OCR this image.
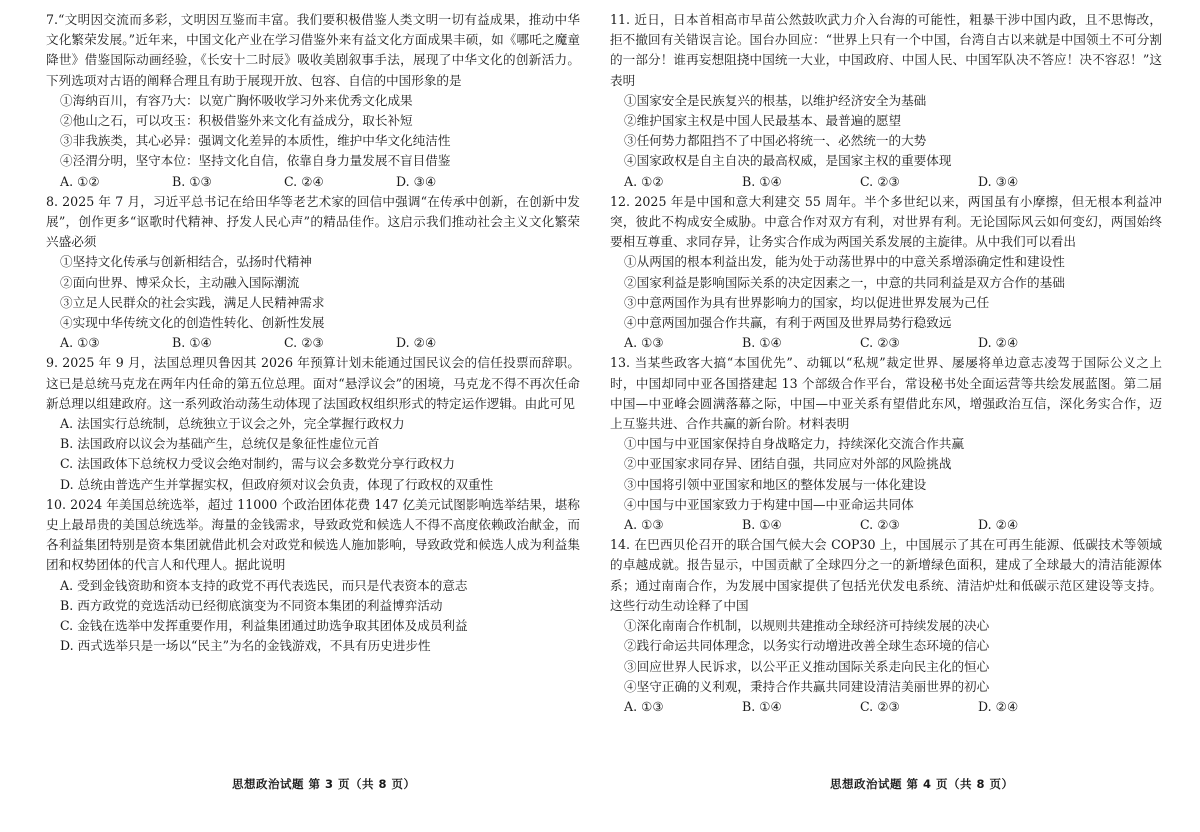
7.“文明因交流而多彩，文明因互鉴而丰富。我们要积极借鉴人类文明一切有益成果，推动中华文化繁荣发展。”近年来，中国文化产业在学习借鉴外来有益文化方面成果丰硕，如《哪吒之魔童降世》借鉴国际动画经验，《长安十二时辰》吸收美剧叙事手法，展现了中华文化的创新活力。下列选项对古语的阐释合理且有助于展现开放、包容、自信的中国形象的是

①海纳百川，有容乃大：以宽广胸怀吸收学习外来优秀文化成果

②他山之石，可以攻玉：积极借鉴外来文化有益成分，取长补短

③非我族类，其心必异：强调文化差异的本质性，维护中华文化纯洁性

④泾渭分明，坚守本位：坚持文化自信，依靠自身力量发展不盲目借鉴

A. ①②	B. ①③	C. ②④	D. ③④

8. 2025 年 7 月，习近平总书记在给田华等老艺术家的回信中强调“在传承中创新，在创新中发展”，创作更多“讴歌时代精神、抒发人民心声”的精品佳作。这启示我们推动社会主义文化繁荣兴盛必须

①坚持文化传承与创新相结合，弘扬时代精神

②面向世界、博采众长，主动融入国际潮流

③立足人民群众的社会实践，满足人民精神需求

④实现中华传统文化的创造性转化、创新性发展

A. ①③	B. ①④	C. ②③	D. ②④

9. 2025 年 9 月，法国总理贝鲁因其 2026 年预算计划未能通过国民议会的信任投票而辞职。这已是总统马克龙在两年内任命的第五位总理。面对“悬浮议会”的困境，马克龙不得不再次任命新总理以组建政府。这一系列政治动荡生动体现了法国政权组织形式的特定运作逻辑。由此可见

A. 法国实行总统制，总统独立于议会之外，完全掌握行政权力

B. 法国政府以议会为基础产生，总统仅是象征性虚位元首

C. 法国政体下总统权力受议会绝对制约，需与议会多数党分享行政权力

D. 总统由普选产生并掌握实权，但政府须对议会负责，体现了行政权的双重性

10. 2024 年美国总统选举，超过 11000 个政治团体花费 147 亿美元试图影响选举结果，堪称史上最昂贵的美国总统选举。海量的金钱需求，导致政党和候选人不得不高度依赖政治献金，而各利益集团特别是资本集团就借此机会对政党和候选人施加影响，导致政党和候选人成为利益集团和权势团体的代言人和代理人。据此说明

A. 受到金钱资助和资本支持的政党不再代表选民，而只是代表资本的意志

B. 西方政党的竞选活动已经彻底演变为不同资本集团的利益博弈活动

C. 金钱在选举中发挥重要作用，利益集团通过助选争取其团体及成员利益

D. 西式选举只是一场以“民主”为名的金钱游戏，不具有历史进步性

思想政治试题 第 3 页（共 8 页）

11. 近日，日本首相高市早苗公然鼓吹武力介入台海的可能性，粗暴干涉中国内政，且不思悔改，拒不撤回有关错误言论。国台办回应：“世界上只有一个中国，台湾自古以来就是中国领土不可分割的一部分！谁再妄想阻挠中国统一大业，中国政府、中国人民、中国军队决不答应！决不容忍！”这表明

①国家安全是民族复兴的根基，以维护经济安全为基础

②维护国家主权是中国人民最基本、最普遍的愿望

③任何势力都阻挡不了中国必将统一、必然统一的大势

④国家政权是自主自决的最高权威，是国家主权的重要体现

A. ①②	B. ①④	C. ②③	D. ③④

12. 2025 年是中国和意大利建交 55 周年。半个多世纪以来，两国虽有小摩擦，但无根本利益冲突，彼此不构成安全威胁。中意合作对双方有利，对世界有利。无论国际风云如何变幻，两国始终要相互尊重、求同存异，让务实合作成为两国关系发展的主旋律。从中我们可以看出

①从两国的根本利益出发，能为处于动荡世界中的中意关系增添确定性和建设性

②国家利益是影响国际关系的决定因素之一，中意的共同利益是双方合作的基础

③中意两国作为具有世界影响力的国家，均以促进世界发展为己任

④中意两国加强合作共赢，有利于两国及世界局势行稳致远

A. ①③	B. ①④	C. ②③	D. ②④

13. 当某些政客大搞“本国优先”、动辄以“私规”裁定世界、屡屡将单边意志凌驾于国际公义之上时，中国却同中亚各国搭建起 13 个部级合作平台，常设秘书处全面运营等共绘发展蓝图。第二届中国—中亚峰会圆满落幕之际，中国—中亚关系有望借此东风，增强政治互信，深化务实合作，迈上互鉴共进、合作共赢的新台阶。材料表明

①中国与中亚国家保持自身战略定力，持续深化交流合作共赢

②中亚国家求同存异、团结自强，共同应对外部的风险挑战

③中国将引领中亚国家和地区的整体发展与一体化建设

④中国与中亚国家致力于构建中国—中亚命运共同体

A. ①③	B. ①④	C. ②③	D. ②④

14. 在巴西贝伦召开的联合国气候大会 COP30 上，中国展示了其在可再生能源、低碳技术等领域的卓越成就。报告显示，中国贡献了全球四分之一的新增绿色面积，建成了全球最大的清洁能源体系；通过南南合作，为发展中国家提供了包括光伏发电系统、清洁炉灶和低碳示范区建设等支持。这些行动生动诠释了中国

①深化南南合作机制，以规则共建推动全球经济可持续发展的决心

②践行命运共同体理念，以务实行动增进改善全球生态环境的信心

③回应世界人民诉求，以公平正义推动国际关系走向民主化的恒心

④坚守正确的义利观，秉持合作共赢共同建设清洁美丽世界的初心

A. ①③	B. ①④	C. ②③	D. ②④
思想政治试题 第 4 页（共 8 页）
